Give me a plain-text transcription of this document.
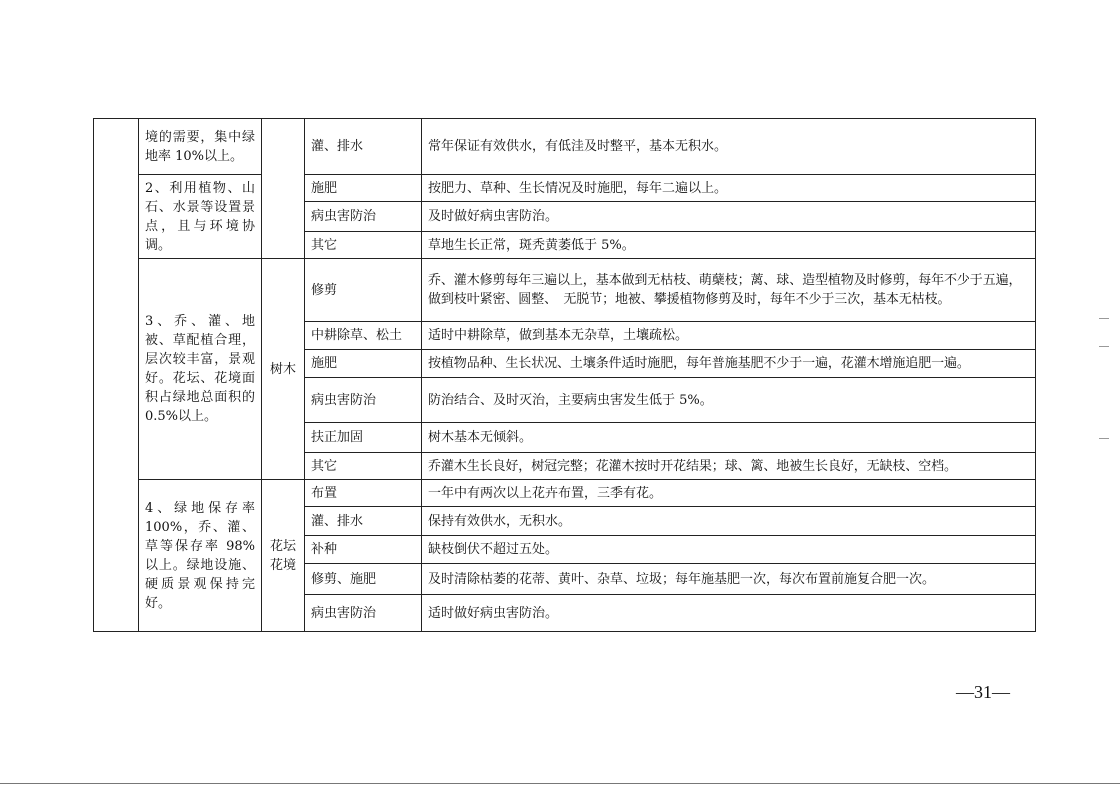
	境的需要，集中绿地率 10%以上。		灌、排水	常年保证有效供水，有低洼及时整平，基本无积水。
	2、利用植物、山石、水景等设置景点，且与环境协调。		施肥	按肥力、草种、生长情况及时施肥，每年二遍以上。
			病虫害防治	及时做好病虫害防治。
			其它	草地生长正常，斑秃黄萎低于 5%。
	3、乔、灌、地被、草配植合理，层次较丰富，景观好。花坛、花境面积占绿地总面积的 0.5%以上。	树木	修剪	乔、灌木修剪每年三遍以上，基本做到无枯枝、萌蘖枝；蓠、球、造型植物及时修剪，每年不少于五遍，做到枝叶紧密、圆整、　无脱节；地被、攀援植物修剪及时，每年不少于三次，基本无枯枝。
			中耕除草、松土	适时中耕除草，做到基本无杂草，土壤疏松。
			施肥	按植物品种、生长状况、土壤条件适时施肥，每年普施基肥不少于一遍，花灌木增施追肥一遍。
			病虫害防治	防治结合、及时灭治，主要病虫害发生低于 5%。
			扶正加固	树木基本无倾斜。
			其它	乔灌木生长良好，树冠完整；花灌木按时开花结果；球、篱、地被生长良好，无缺枝、空档。
	4、绿地保存率 100%，乔、灌、草等保存率 98%以上。绿地设施、硬质景观保持完好。	花坛花境	布置	一年中有两次以上花卉布置，三季有花。
			灌、排水	保持有效供水，无积水。
			补种	缺枝倒伏不超过五处。
			修剪、施肥	及时清除枯萎的花蒂、黄叶、杂草、垃圾；每年施基肥一次，每次布置前施复合肥一次。
			病虫害防治	适时做好病虫害防治。
—31—
